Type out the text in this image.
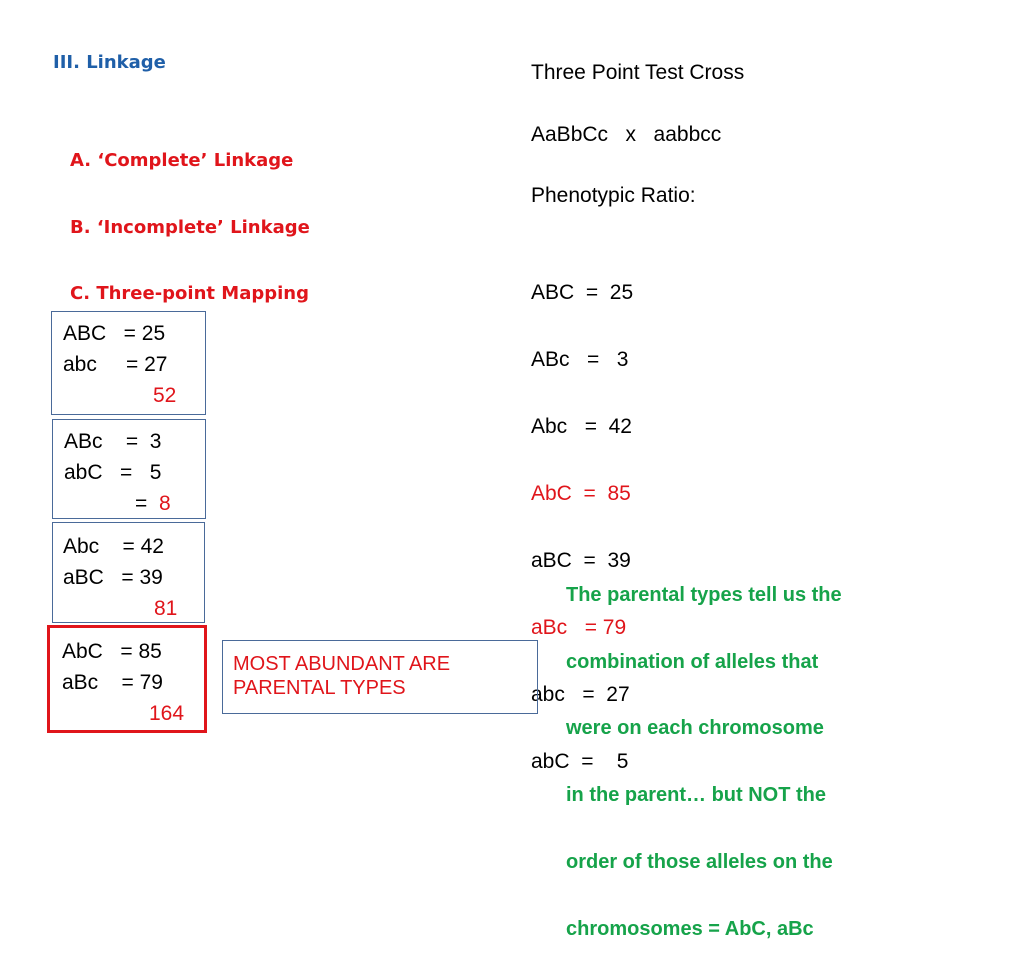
III. Linkage

A. ‘Complete’ Linkage

B. ‘Incomplete’ Linkage

C. Three-point Mapping

Three Point Test Cross
AaBbCc   x   aabbcc
Phenotypic Ratio:

ABC  =  25

ABc   =   3

Abc   =  42

AbC  =  85

aBC  =  39

aBc   = 79

abc   =  27

abC  =    5

ABC   = 25
abc     = 27
52
ABc    =  3
abC   =   5
=  8
Abc    = 42
aBC   = 39
81
AbC   = 85
aBc    = 79
164
MOST ABUNDANT ARE
PARENTAL TYPES

The parental types tell us the

combination of alleles that

were on each chromosome

in the parent… but NOT the

order of those alleles on the

chromosomes = AbC, aBc
